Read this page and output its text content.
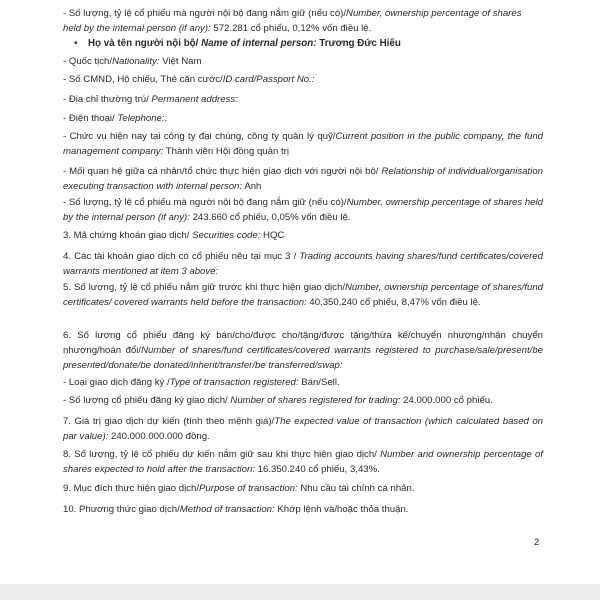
- Số lượng, tỷ lệ cổ phiếu mà người nội bộ đang nắm giữ (nếu có)/Number, ownership percentage of shares
held by the internal person (if any): 572.281 cổ phiếu, 0,12% vốn điều lệ.

• Họ và tên người nội bộ/ Name of internal person: Trương Đức Hiếu

- Quốc tịch/Nationality: Việt Nam

- Số CMND, Hộ chiếu, Thẻ căn cước/ID card/Passport No.:

- Địa chỉ thường trú/ Permanent address:

- Điện thoại/ Telephone:.

- Chức vụ hiện nay tại công ty đại chúng, công ty quản lý quỹ/Current position in the public company, the fund management company: Thành viên Hội đồng quản trị

- Mối quan hệ giữa cá nhân/tổ chức thực hiện giao dịch với người nội bộ/ Relationship of individual/organisation executing transaction with internal person: Anh

- Số lượng, tỷ lệ cổ phiếu mà người nội bộ đang nắm giữ (nếu có)/Number, ownership percentage of shares held by the internal person (if any): 243.660 cổ phiếu, 0,05% vốn điều lệ.

3. Mã chứng khoán giao dịch/ Securities code: HQC

4. Các tài khoản giao dịch có cổ phiếu nêu tại mục 3 / Trading accounts having shares/fund certificates/covered warrants mentioned at item 3 above:

5. Số lượng, tỷ lệ cổ phiếu nắm giữ trước khi thực hiện giao dịch/Number, ownership percentage of shares/fund certificates/ covered warrants held before the transaction: 40.350.240 cổ phiếu, 8,47% vốn điều lệ.

6. Số lượng cổ phiếu đăng ký bán/cho/được cho/tặng/được tặng/thừa kế/chuyển nhượng/nhận chuyển nhượng/hoán đổi/Number of shares/fund certificates/covered warrants registered to purchase/sale/present/be presented/donate/be donated/inherit/transfer/be transferred/swap:

- Loại giao dịch đăng ký /Type of transaction registered: Bán/Sell.

- Số lượng cổ phiếu đăng ký giao dịch/ Number of shares registered for trading: 24.000.000 cổ phiếu.

7. Giá trị giao dịch dự kiến (tính theo mệnh giá)/The expected value of transaction (which calculated based on par value): 240.000.000.000 đồng.

8. Số lượng, tỷ lệ cổ phiếu dự kiến nắm giữ sau khi thực hiện giao dịch/ Number and ownership percentage of shares expected to hold after the transaction: 16.350.240 cổ phiếu, 3,43%.

9. Mục đích thực hiện giao dịch/Purpose of transaction: Nhu cầu tài chính cá nhân.

10. Phương thức giao dịch/Method of transaction: Khớp lệnh và/hoặc thỏa thuận.

2
